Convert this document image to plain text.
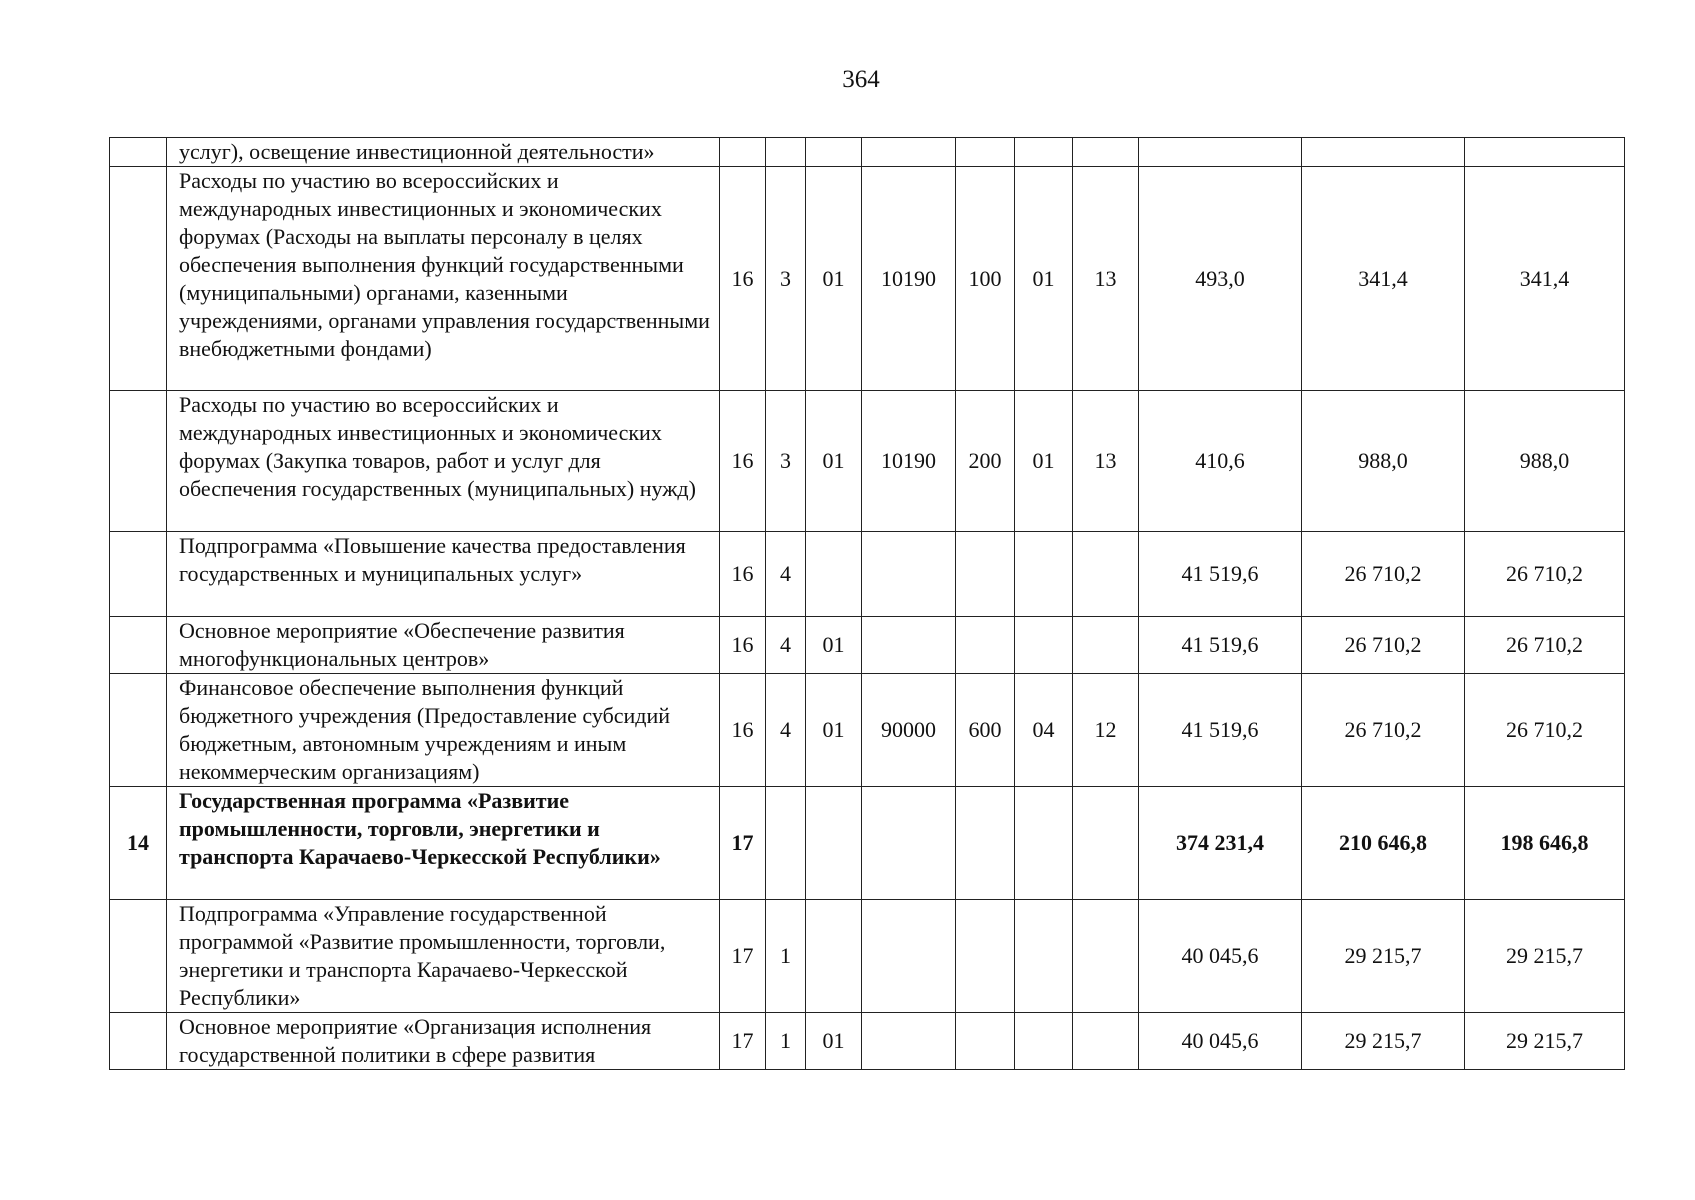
364
	услуг), освещение инвестиционной деятельности»										
	Расходы по участию во всероссийских и международных инвестиционных и экономических форумах (Расходы на выплаты персоналу в целях обеспечения выполнения функций государственными (муниципальными) органами, казенными учреждениями, органами управления государственными внебюджетными фондами)	16	3	01	10190	100	01	13	493,0	341,4	341,4
	Расходы по участию во всероссийских и международных инвестиционных и экономических форумах (Закупка товаров, работ и услуг для обеспечения государственных (муниципальных) нужд)	16	3	01	10190	200	01	13	410,6	988,0	988,0
	Подпрограмма «Повышение качества предоставления государственных и муниципальных услуг»	16	4						41 519,6	26 710,2	26 710,2
	Основное мероприятие «Обеспечение развития многофункциональных центров»	16	4	01					41 519,6	26 710,2	26 710,2
	Финансовое обеспечение выполнения функций бюджетного учреждения (Предоставление субсидий бюджетным, автономным учреждениям и иным некоммерческим организациям)	16	4	01	90000	600	04	12	41 519,6	26 710,2	26 710,2
14	Государственная программа «Развитие промышленности, торговли, энергетики и транспорта Карачаево-Черкесской Республики»	17							374 231,4	210 646,8	198 646,8
	Подпрограмма «Управление государственной программой «Развитие промышленности, торговли, энергетики и транспорта Карачаево-Черкесской Республики»	17	1						40 045,6	29 215,7	29 215,7
	Основное мероприятие «Организация исполнения государственной политики в сфере развития	17	1	01					40 045,6	29 215,7	29 215,7
